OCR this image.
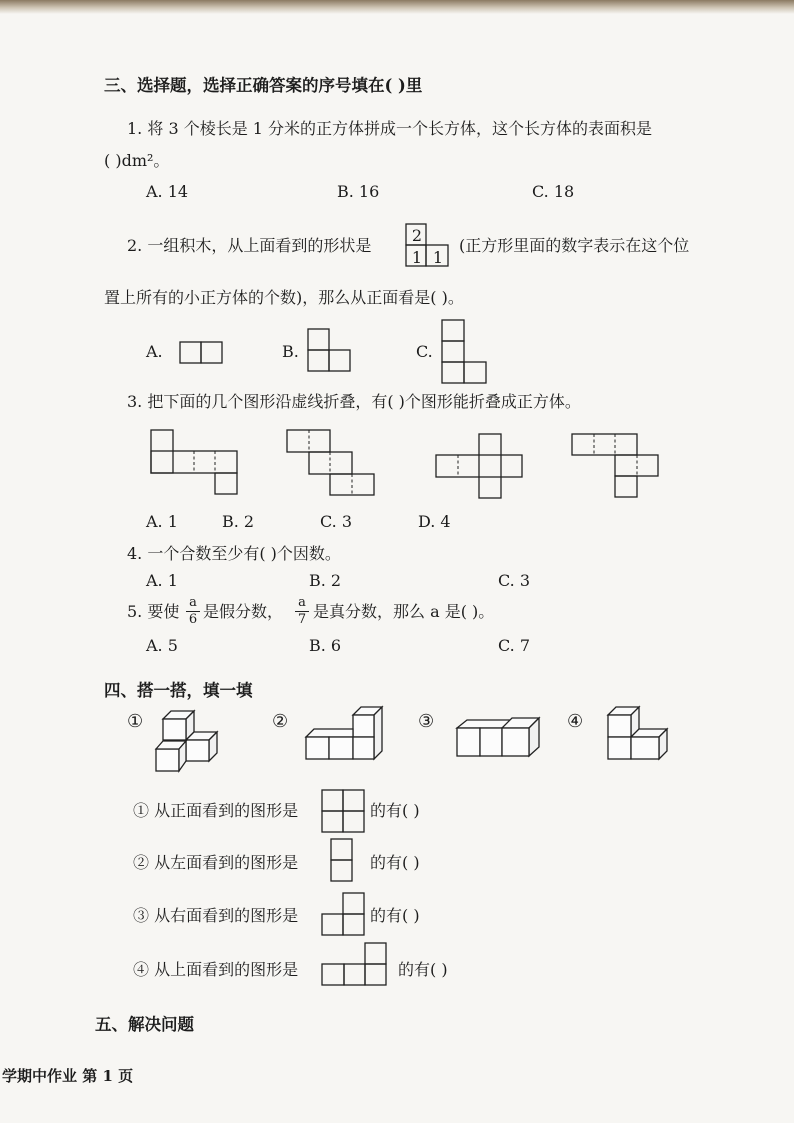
三、选择题，选择正确答案的序号填在( )里

1. 将 3 个棱长是 1 分米的正方体拼成一个长方体，这个长方体的表面积是
( )dm²。
A. 14	B. 16	C. 18
2. 一组积木，从上面看到的形状是
2
1 1
(正方形里面的数字表示在这个位
置上所有的小正方体的个数)，那么从正面看是( )。
A.	B.	C.

3. 把下面的几个图形沿虚线折叠，有( )个图形能折叠成正方体。
A. 1	B. 2	C. 3	D. 4
4. 一个合数至少有( )个因数。

A. 1	B. 2	C. 3
5. 要使 a
6 是假分数， a
7 是真分数，那么 a 是( )。
A. 5	B. 6	C. 7
四、搭一搭，填一填
①	②	③	④
① 从正面看到的图形是	的有( )

② 从左面看到的图形是	的有( )
③ 从右面看到的图形是	的有( )
④ 从上面看到的图形是	的有( )
五、解决问题
学期中作业 第 1 页
